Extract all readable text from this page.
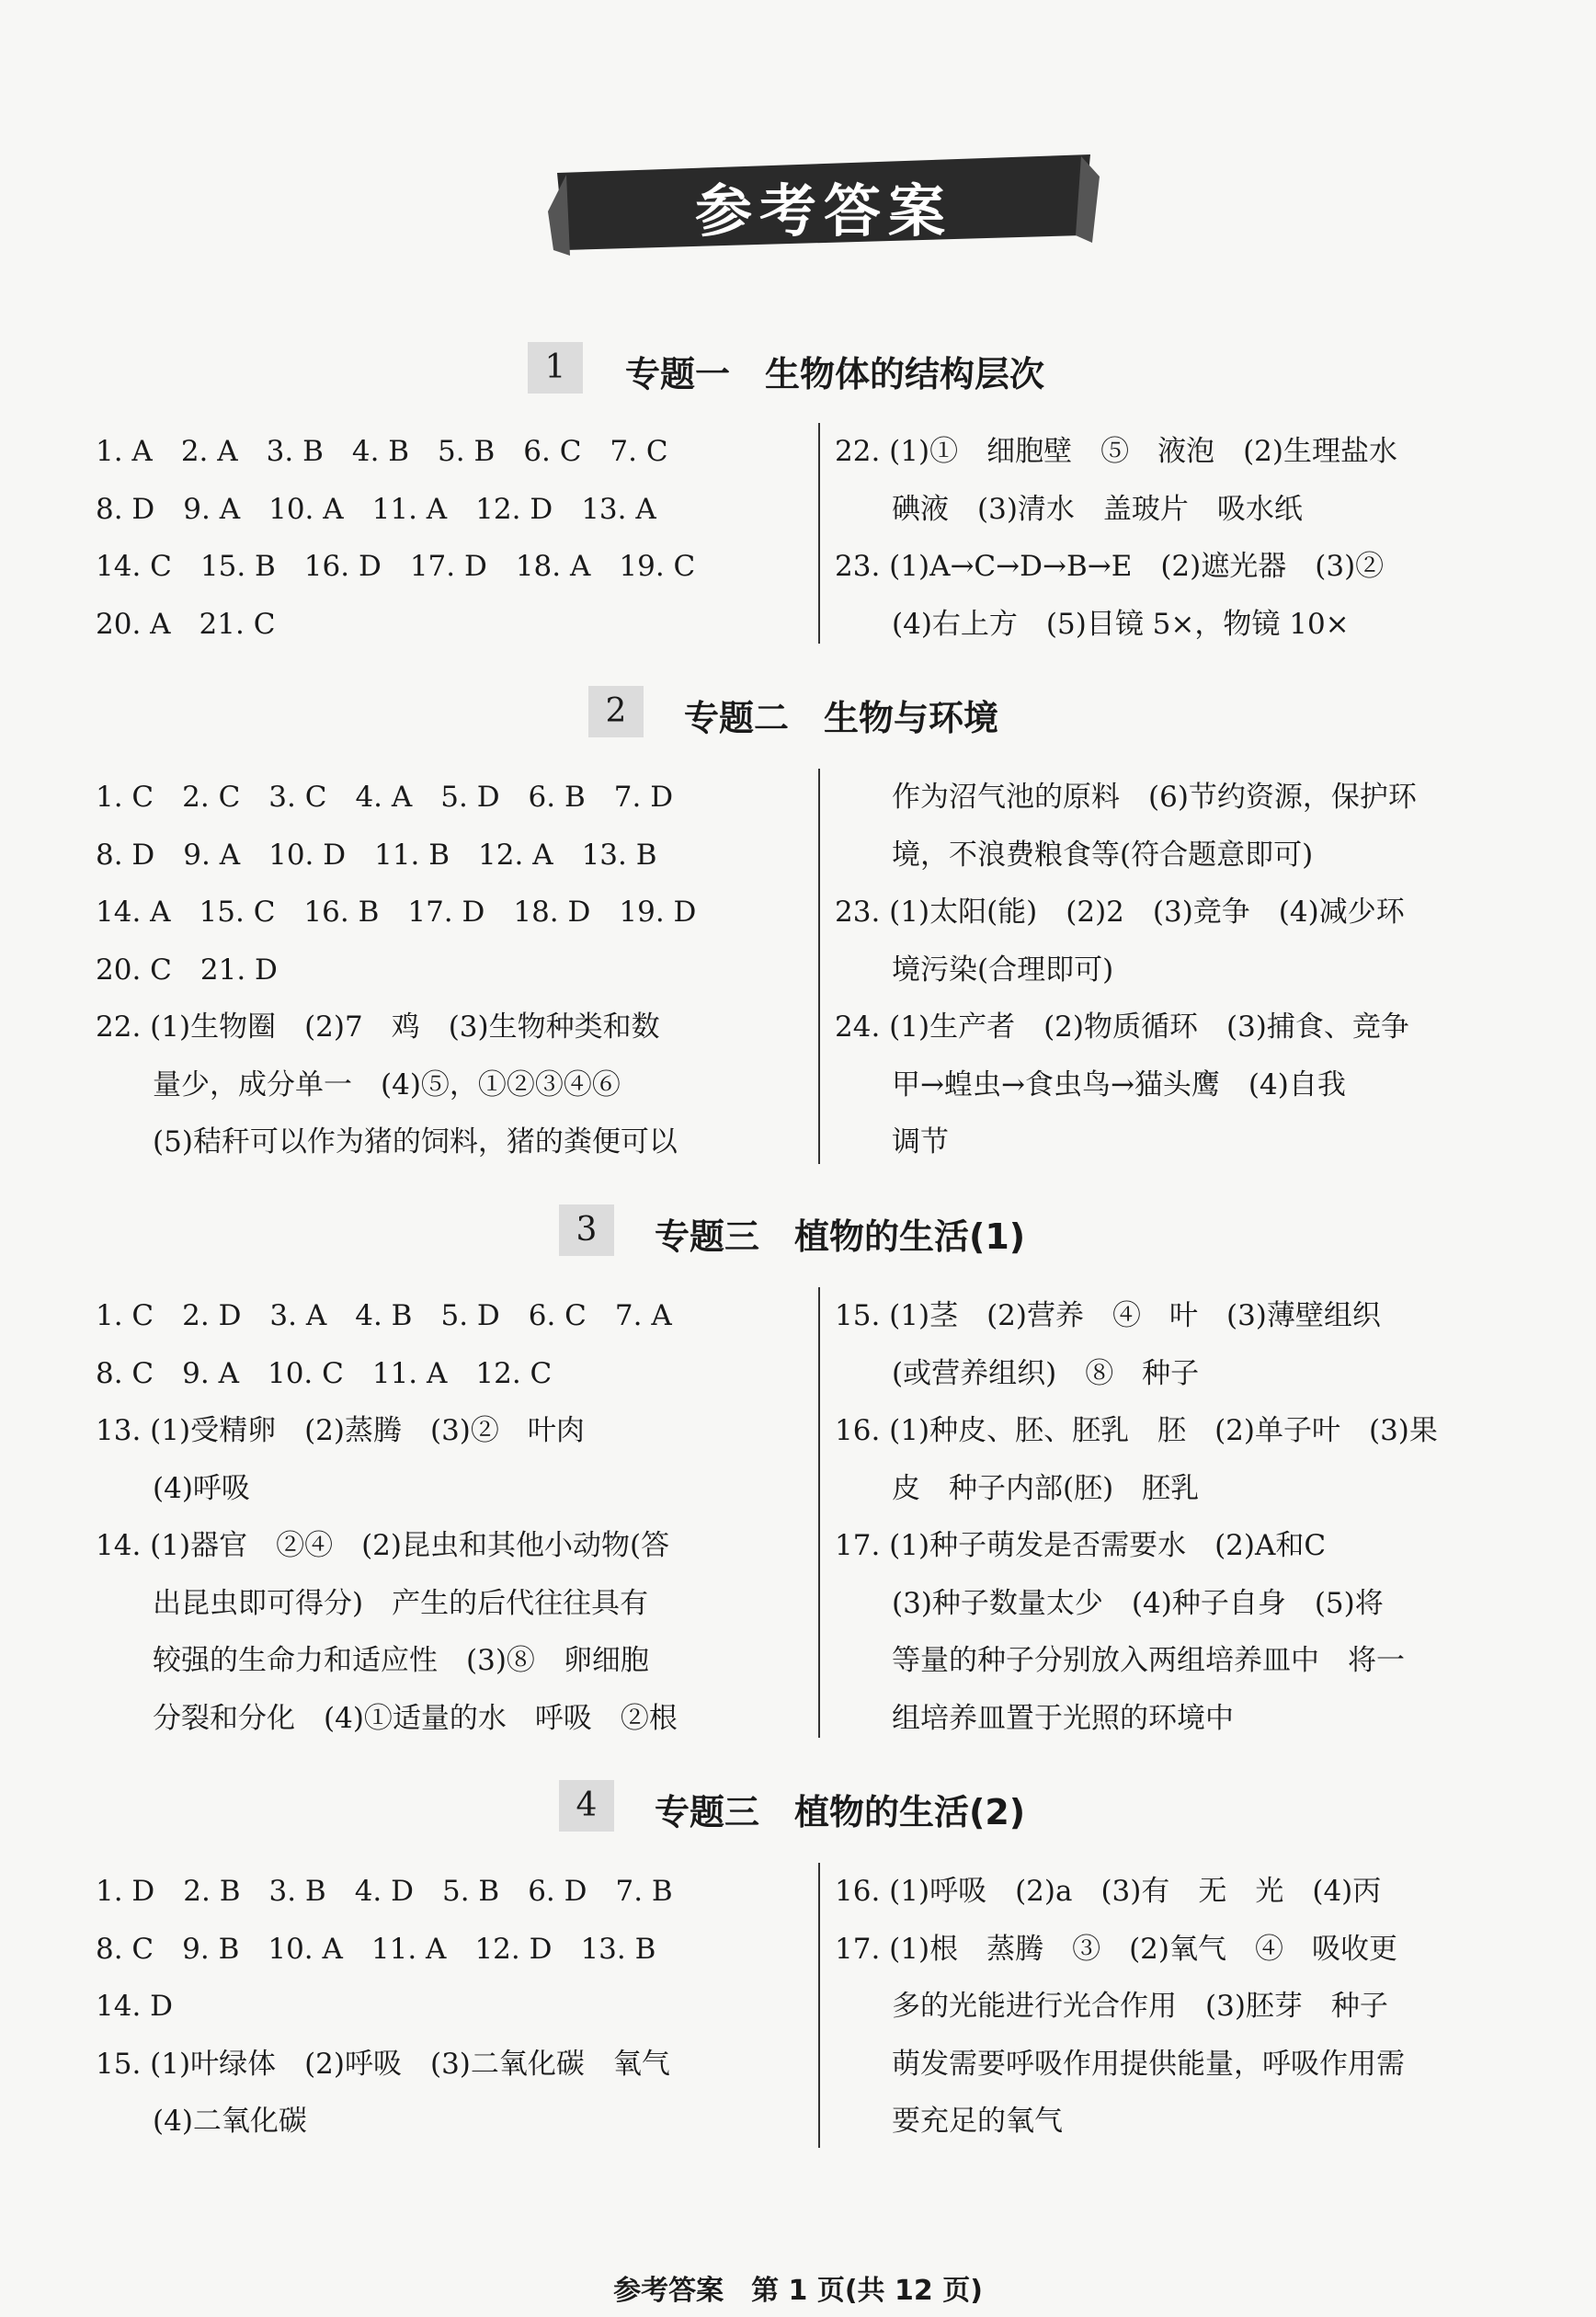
参考答案
1	专题一　生物体的结构层次
1. A　2. A　3. B　4. B　5. B　6. C　7. C
8. D　9. A　10. A　11. A　12. D　13. A
14. C　15. B　16. D　17. D　18. A　19. C
20. A　21. C
22. (1)①　细胞壁　⑤　液泡　(2)生理盐水
　　碘液　(3)清水　盖玻片　吸水纸
23. (1)A→C→D→B→E　(2)遮光器　(3)②
　　(4)右上方　(5)目镜 5×，物镜 10×
2	专题二　生物与环境
1. C　2. C　3. C　4. A　5. D　6. B　7. D
8. D　9. A　10. D　11. B　12. A　13. B
14. A　15. C　16. B　17. D　18. D　19. D
20. C　21. D
22. (1)生物圈　(2)7　鸡　(3)生物种类和数
　　量少，成分单一　(4)⑤，①②③④⑥
　　(5)秸秆可以作为猪的饲料，猪的粪便可以
　　作为沼气池的原料　(6)节约资源，保护环
　　境，不浪费粮食等(符合题意即可)
23. (1)太阳(能)　(2)2　(3)竞争　(4)减少环
　　境污染(合理即可)
24. (1)生产者　(2)物质循环　(3)捕食、竞争
　　甲→蝗虫→食虫鸟→猫头鹰　(4)自我
　　调节
3	专题三　植物的生活(1)
1. C　2. D　3. A　4. B　5. D　6. C　7. A
8. C　9. A　10. C　11. A　12. C
13. (1)受精卵　(2)蒸腾　(3)②　叶肉
　　(4)呼吸
14. (1)器官　②④　(2)昆虫和其他小动物(答
　　出昆虫即可得分)　产生的后代往往具有
　　较强的生命力和适应性　(3)⑧　卵细胞
　　分裂和分化　(4)①适量的水　呼吸　②根
15. (1)茎　(2)营养　④　叶　(3)薄壁组织
　　(或营养组织)　⑧　种子
16. (1)种皮、胚、胚乳　胚　(2)单子叶　(3)果
　　皮　种子内部(胚)　胚乳
17. (1)种子萌发是否需要水　(2)A和C
　　(3)种子数量太少　(4)种子自身　(5)将
　　等量的种子分别放入两组培养皿中　将一
　　组培养皿置于光照的环境中
4	专题三　植物的生活(2)
1. D　2. B　3. B　4. D　5. B　6. D　7. B
8. C　9. B　10. A　11. A　12. D　13. B
14. D
15. (1)叶绿体　(2)呼吸　(3)二氧化碳　氧气
　　(4)二氧化碳
16. (1)呼吸　(2)a　(3)有　无　光　(4)丙
17. (1)根　蒸腾　③　(2)氧气　④　吸收更
　　多的光能进行光合作用　(3)胚芽　种子
　　萌发需要呼吸作用提供能量，呼吸作用需
　　要充足的氧气
参考答案　第 1 页(共 12 页)
